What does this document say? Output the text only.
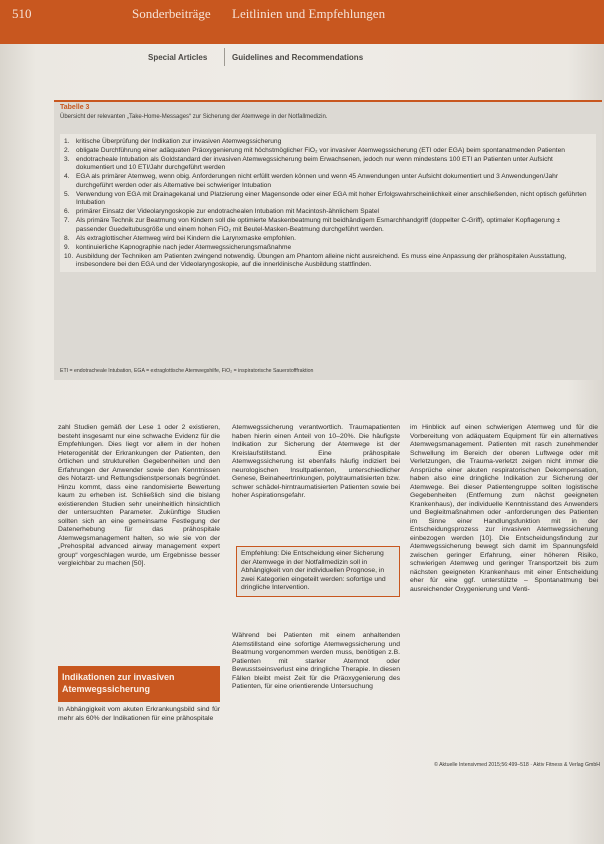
510	Sonderbeiträge Leitlinien und Empfehlungen
Special Articles	Guidelines and Recommendations
Tabelle 3
Übersicht der relevanten „Take-Home-Messages“ zur Sicherung der Atemwege in der Notfallmedizin.
1. kritische Überprüfung der Indikation zur invasiven Atemwegssicherung
2. obligate Durchführung einer adäquaten Präoxygenierung mit höchstmöglicher FiO₂ vor invasiver Atemwegssicherung (ETI oder EGA) beim spontanatmenden Patienten
3. endotracheale Intubation als Goldstandard der invasiven Atemwegssicherung beim Erwachsenen, jedoch nur wenn mindestens 100 ETI an Patienten unter Aufsicht dokumentiert und 10 ETI/Jahr durchgeführt werden
4. EGA als primärer Atemweg, wenn obig. Anforderungen nicht erfüllt werden können und wenn 45 Anwendungen unter Aufsicht dokumentiert und 3 Anwendungen/Jahr durchgeführt werden oder als Alternative bei schwieriger Intubation
5. Verwendung von EGA mit Drainagekanal und Platzierung einer Magensonde oder einer EGA mit hoher Erfolgswahrscheinlichkeit einer anschließenden, nicht optisch geführten Intubation
6. primärer Einsatz der Videolaryngoskopie zur endotrachealen Intubation mit Macintosh-ähnlichem Spatel
7. Als primäre Technik zur Beatmung von Kindern soll die optimierte Maskenbeatmung mit beidhändigem Esmarchhandgriff (doppelter C-Griff), optimaler Kopflagerung ± passender Guedeltubusgröße und einem hohen FiO₂ mit Beutel-Masken-Beatmung durchgeführt werden.
8. Als extraglottischer Atemweg wird bei Kindern die Larynxmaske empfohlen.
9. kontinuierliche Kapnographie nach jeder Atemwegssicherungsmaßnahme
10. Ausbildung der Techniken am Patienten zwingend notwendig. Übungen am Phantom alleine nicht ausreichend. Es muss eine Anpassung der prähospitalen Ausstattung, insbesondere bei den EGA und der Videolaryngoskopie, auf die innerklinische Ausbildung stattfinden.
ETI = endotracheale Intubation, EGA = extraglottische Atemwegshilfe, FiO₂ = inspiratorische Sauerstofffraktion
zahl Studien gemäß der Lese 1 oder 2 existieren, besteht insgesamt nur eine schwache Evidenz für die Empfehlungen. Dies liegt vor allem in der hohen Heterogenität der Erkrankungen der Patienten, den örtlichen und strukturellen Gegebenheiten und den Erfahrungen der Anwender sowie den Kenntnissen des Notarzt- und Rettungsdienstpersonals begründet. Hinzu kommt, dass eine randomisierte Bewertung kaum zu erheben ist. Schließlich sind die bislang existierenden Studien sehr uneinheitlich hinsichtlich der untersuchten Parameter. Zukünftige Studien sollten sich an eine gemeinsame Festlegung der Datenerhebung für das prähospitale Atemwegsmanagement halten, so wie sie von der „Prehospital advanced airway management expert group“ vorgeschlagen wurde, um Ergebnisse besser vergleichbar zu machen [50].
Indikationen zur invasiven Atemwegssicherung
In Abhängigkeit vom akuten Erkrankungsbild sind für mehr als 60% der Indikationen für eine prähospitale
Atemwegssicherung verantwortlich. Traumapatienten haben hierin einen Anteil von 10–20%. Die häufigste Indikation zur Sicherung der Atemwege ist der Kreislaufstillstand. Eine prähospitale Atemwegssicherung ist ebenfalls häufig indiziert bei neurologischen Insultpatienten, unterschiedlicher Genese, Beinaheertrinkungen, polytraumatisierten bzw. schwer schädel-hirntraumatisierten Patienten sowie bei hoher Aspirationsgefahr.
Empfehlung: Die Entscheidung einer Sicherung der Atemwege in der Notfallmedizin soll in Abhängigkeit von der individuellen Prognose, in zwei Kategorien eingeteilt werden: sofortige und dringliche Intervention.
Während bei Patienten mit einem anhaltenden Atemstillstand eine sofortige Atemwegssicherung und Beatmung vorgenommen werden muss, benötigen z.B. Patienten mit starker Atemnot oder Bewusstseinsverlust eine dringliche Therapie. In diesen Fällen bleibt meist Zeit für die Präoxygenierung des Patienten, für eine orientierende Untersuchung
im Hinblick auf einen schwierigen Atemweg und für die Vorbereitung von adäquatem Equipment für ein alternatives Atemwegsmanagement. Patienten mit rasch zunehmender Schwellung im Bereich der oberen Luftwege oder mit Verletzungen, die Trauma-verletzt zeigen nicht immer die Ansprüche einer akuten respiratorischen Dekompensation, haben also eine dringliche Indikation zur Sicherung der Atemwege. Bei dieser Patientengruppe sollten logistische Gegebenheiten (Entfernung zum nächst geeigneten Krankenhaus), der individuelle Kenntnisstand des Anwenders und Begleitmaßnahmen oder -anforderungen des Patienten im Sinne einer Handlungsfunktion mit in der Entscheidungsprozess zur invasiven Atemwegssicherung einbezogen werden [10]. Die Entscheidungsfindung zur Atemwegssicherung bewegt sich damit im Spannungsfeld zwischen geringer Erfahrung, einer höheren Risiko, schwierigen Atemweg und geringer Transportzeit bis zum nächsten geeigneten Krankenhaus mit einer Entscheidung eher für eine ggf. unterstützte – Spontanatmung bei ausreichender Oxygenierung und Venti-
© Aktuelle Intensivmed 2015;56:499–518 · Aktiv Fitness & Verlag GmbH
